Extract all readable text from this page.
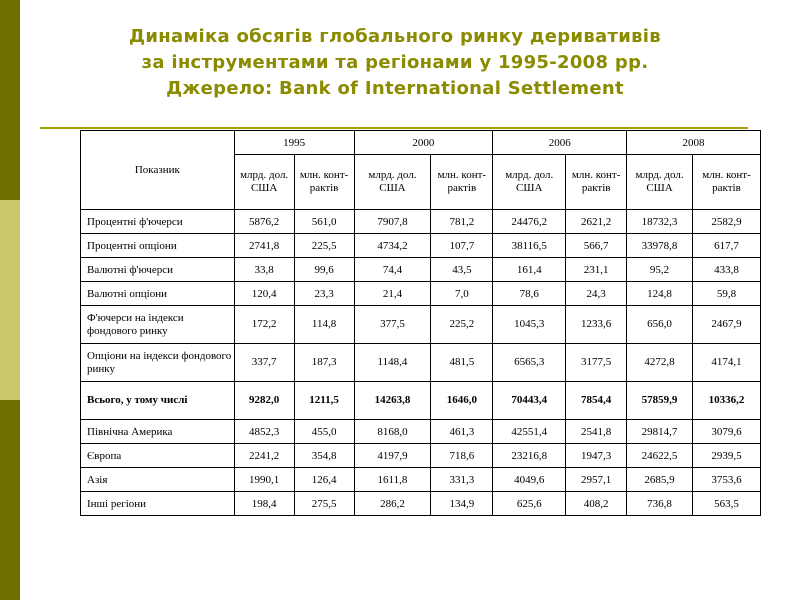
Динаміка обсягів глобального ринку деривативів
за інструментами та регіонами у 1995-2008 рр.
Джерело: Bank of International Settlement
Показник	1995		2000		2006		2008	
	млрд. дол. США	млн. конт-рактів	млрд. дол. США	млн. конт-рактів	млрд. дол. США	млн. конт-рактів	млрд. дол. США	млн. конт-рактів
Процентні ф'ючерси	5876,2	561,0	7907,8	781,2	24476,2	2621,2	18732,3	2582,9
Процентні опціони	2741,8	225,5	4734,2	107,7	38116,5	566,7	33978,8	617,7
Валютні ф'ючерси	33,8	99,6	74,4	43,5	161,4	231,1	95,2	433,8
Валютні опціони	120,4	23,3	21,4	7,0	78,6	24,3	124,8	59,8
Ф'ючерси на індекси фондового ринку	172,2	114,8	377,5	225,2	1045,3	1233,6	656,0	2467,9
Опціони на індекси фондового ринку	337,7	187,3	1148,4	481,5	6565,3	3177,5	4272,8	4174,1
Всього, у тому числі	9282,0	1211,5	14263,8	1646,0	70443,4	7854,4	57859,9	10336,2
Північна Америка	4852,3	455,0	8168,0	461,3	42551,4	2541,8	29814,7	3079,6
Європа	2241,2	354,8	4197,9	718,6	23216,8	1947,3	24622,5	2939,5
Азія	1990,1	126,4	1611,8	331,3	4049,6	2957,1	2685,9	3753,6
Інші регіони	198,4	275,5	286,2	134,9	625,6	408,2	736,8	563,5
